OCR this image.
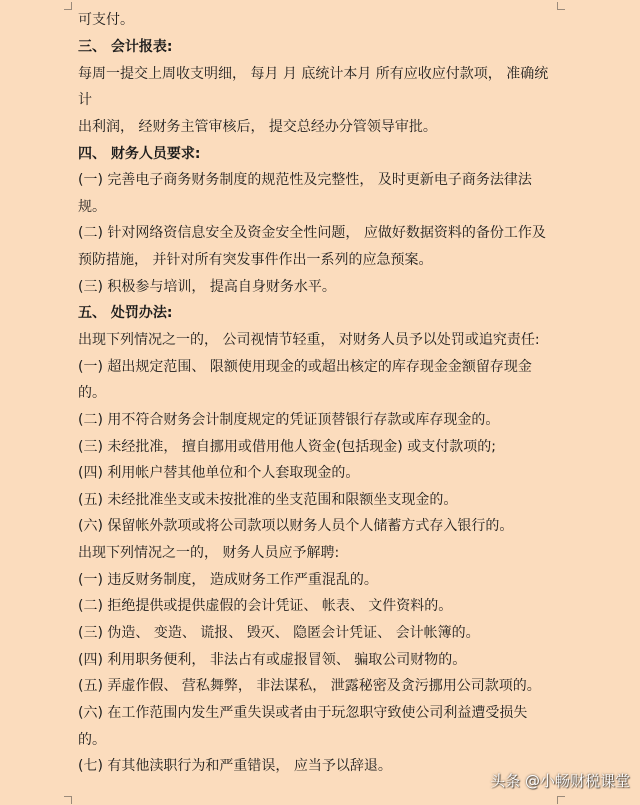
可支付。
三、 会计报表:
每周一提交上周收支明细， 每月 月 底统计本月 所有应收应付款项， 准确统
计
出利润， 经财务主管审核后， 提交总经办分管领导审批。
四、 财务人员要求:
(一) 完善电子商务财务制度的规范性及完整性， 及时更新电子商务法律法
规。
(二) 针对网络资信息安全及资金安全性问题， 应做好数据资料的备份工作及
预防措施， 并针对所有突发事件作出一系列的应急预案。
(三) 积极参与培训， 提高自身财务水平。
五、 处罚办法:
出现下列情况之一的， 公司视情节轻重， 对财务人员予以处罚或追究责任:
(一) 超出规定范围、 限额使用现金的或超出核定的库存现金金额留存现金
的。
(二) 用不符合财务会计制度规定的凭证顶替银行存款或库存现金的。
(三) 未经批准， 擅自挪用或借用他人资金(包括现金) 或支付款项的;
(四) 利用帐户替其他单位和个人套取现金的。
(五) 未经批准坐支或未按批准的坐支范围和限额坐支现金的。
(六) 保留帐外款项或将公司款项以财务人员个人储蓄方式存入银行的。
出现下列情况之一的， 财务人员应予解聘:
(一) 违反财务制度， 造成财务工作严重混乱的。
(二) 拒绝提供或提供虚假的会计凭证、 帐表、 文件资料的。
(三) 伪造、 变造、 谎报、 毁灭、 隐匿会计凭证、 会计帐簿的。
(四) 利用职务便利， 非法占有或虚报冒领、 骗取公司财物的。
(五) 弄虚作假、 营私舞弊， 非法谋私， 泄露秘密及贪污挪用公司款项的。
(六) 在工作范围内发生严重失误或者由于玩忽职守致使公司利益遭受损失
的。
(七) 有其他渎职行为和严重错误， 应当予以辞退。
头条 @小畅财税课堂
